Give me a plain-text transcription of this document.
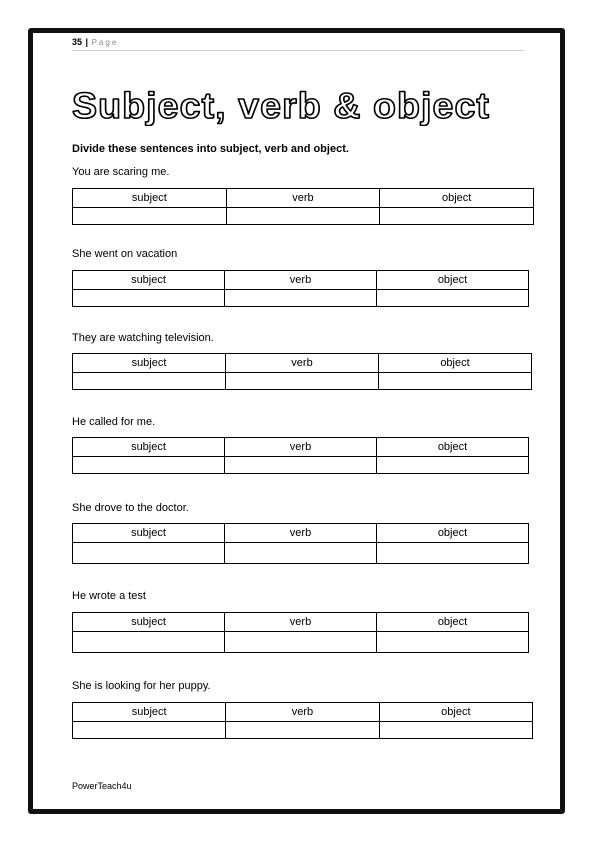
35 | Page
Subject, verb & object
Divide these sentences into subject, verb and object.
You are scaring me.
subject	verb	object

She went on vacation
subject	verb	object

They are watching television.
subject	verb	object

He called for me.
subject	verb	object

She drove to the doctor.
subject	verb	object

He wrote a test
subject	verb	object

She is looking for her puppy.
subject	verb	object

PowerTeach4u
